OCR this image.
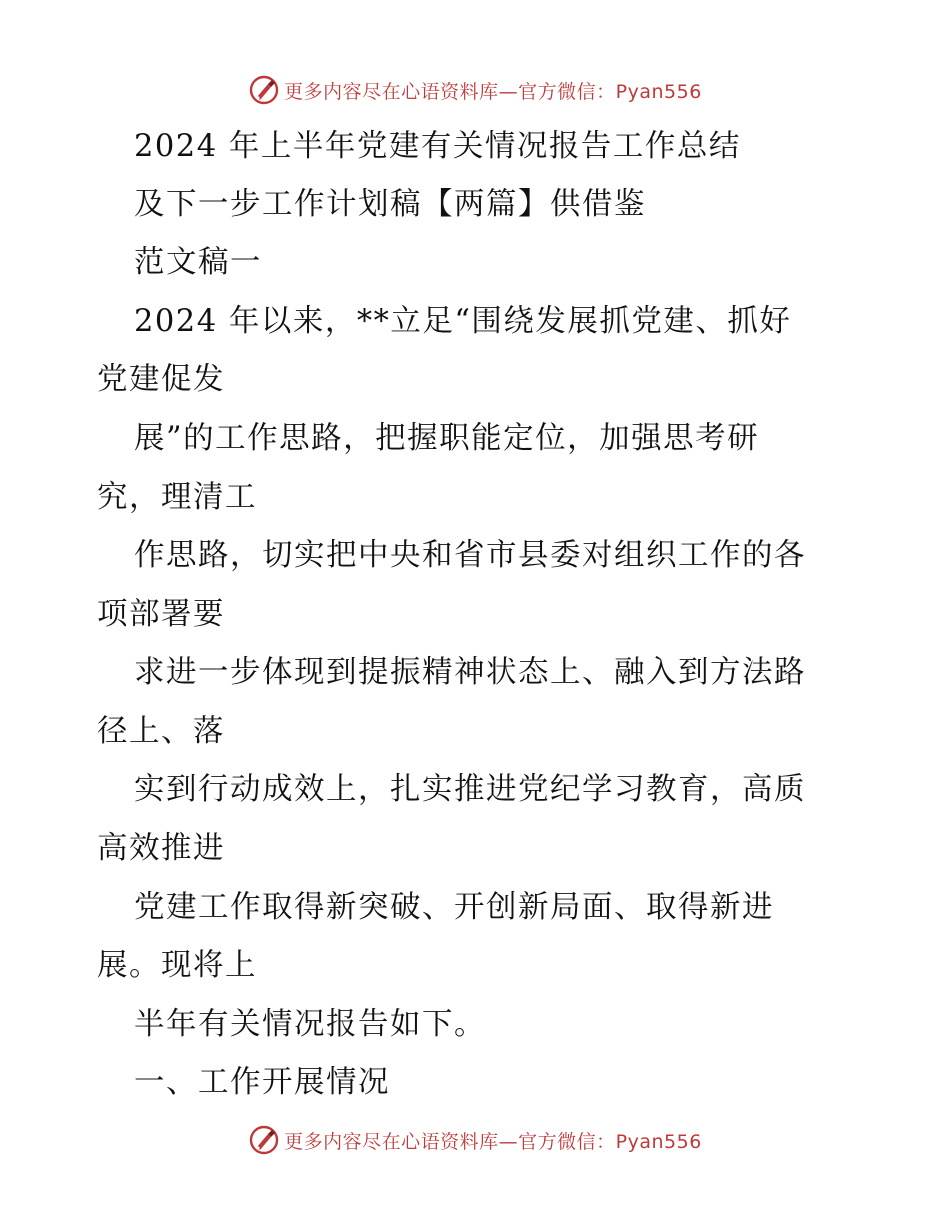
更多内容尽在心语资料库—官方微信：Pyan556
2024 年上半年党建有关情况报告工作总结
及下一步工作计划稿【两篇】供借鉴
范文稿一
2024 年以来，**立足“围绕发展抓党建、抓好
党建促发
展”的工作思路，把握职能定位，加强思考研
究，理清工
作思路，切实把中央和省市县委对组织工作的各
项部署要
求进一步体现到提振精神状态上、融入到方法路
径上、落
实到行动成效上，扎实推进党纪学习教育，高质
高效推进
党建工作取得新突破、开创新局面、取得新进
展。现将上
半年有关情况报告如下。
一、工作开展情况
更多内容尽在心语资料库—官方微信：Pyan556
